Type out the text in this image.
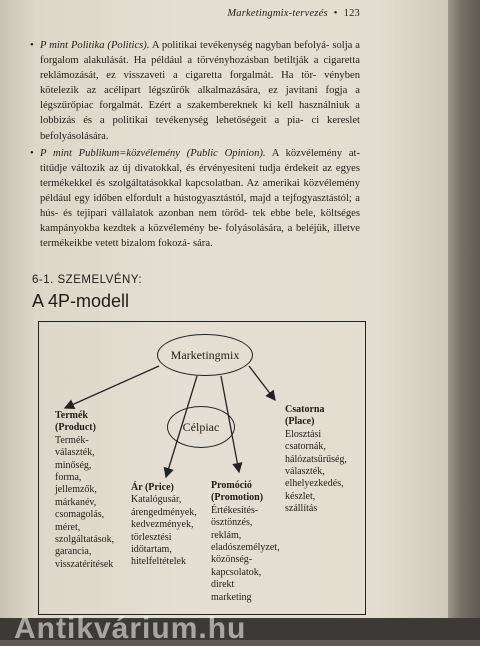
Marketingmix-tervezés • 123

• P mint Politika (Politics). A politikai tevékenység nagyban befolyá- solja a forgalom alakulását. Ha például a törvényhozásban betiltják a cigaretta reklámozását, ez visszaveti a cigaretta forgalmát. Ha tör- vényben kötelezik az acélipart légszűrők alkalmazására, ez javítani fogja a légszűrőpiac forgalmát. Ezért a szakembereknek ki kell használniuk a lobbizás és a politikai tevékenység lehetőségeit a pia- ci kereslet befolyásolására.

• P mint Publikum=közvélemény (Public Opinion). A közvélemény at- titűdje változik az új divatokkal, és érvényesíteni tudja érdekeit az egyes termékekkel és szolgáltatásokkal kapcsolatban. Az amerikai közvélemény például egy időben elfordult a hústogyasztástól, majd a tejfogyasztástól; a hús- és tejipari vállalatok azonban nem törőd- tek ebbe bele, költséges kampányokba kezdtek a közvélemény be- folyásolására, a beléjük, illetve termékeikbe vetett bizalom fokozá- sára.

6-1. SZEMELVÉNY:
A 4P-modell
Marketingmix
Célpiac
Termék
(Product)
Termék-
választék,
minőség,
forma,
jellemzők,
márkanév,
csomagolás,
méret,
szolgáltatások,
garancia,
visszatérítések
Ár (Price)
Katalógusár,
árengedmények,
kedvezmények,
törlesztési
időtartam,
hitelfeltételek
Promóció
(Promotion)
Értékesítés-
ösztönzés,
reklám,
eladószemélyzet,
közönség-
kapcsolatok,
direkt
marketing
Csatorna
(Place)
Elosztási
csatornák,
hálózatsűrűség,
választék,
elhelyezkedés,
készlet,
szállítás
Antikvárium.hu
